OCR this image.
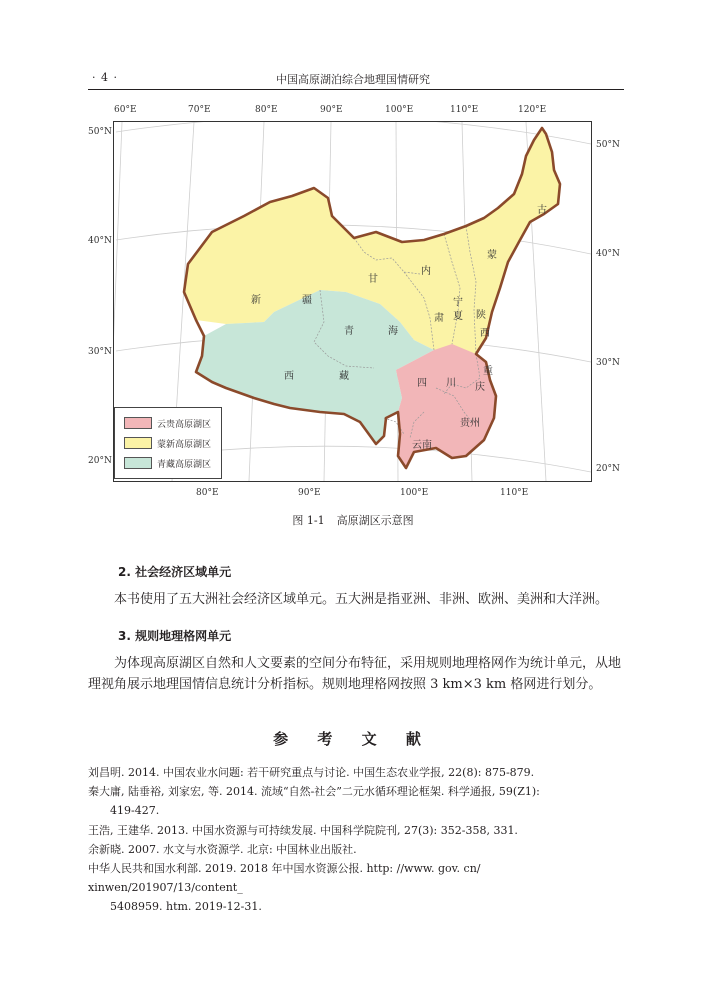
· 4 ·	中国高原湖泊综合地理国情研究
60°E	70°E	80°E	90°E	100°E	110°E	120°E
50°N
40°N
30°N
20°N
50°N
40°N
30°N
20°N
新	疆
甘
内
蒙
古
宁
夏
肃	陕
西
青	海
西	藏
四 川
重
庆
贵州
云南
云贵高原湖区
蒙新高原湖区
青藏高原湖区
80°E	90°E	100°E	110°E
图 1-1 高原湖区示意图
2. 社会经济区域单元
本书使用了五大洲社会经济区域单元。五大洲是指亚洲、非洲、欧洲、美洲和大洋洲。
3. 规则地理格网单元
为体现高原湖区自然和人文要素的空间分布特征，采用规则地理格网作为统计单元，从地理视角展示地理国情信息统计分析指标。规则地理格网按照 3 km×3 km 格网进行划分。
参 考 文 献
刘昌明. 2014. 中国农业水问题: 若干研究重点与讨论. 中国生态农业学报, 22(8): 875-879.
秦大庸, 陆垂裕, 刘家宏, 等. 2014. 流域“自然-社会”二元水循环理论框架. 科学通报, 59(Z1):
419-427.
王浩, 王建华. 2013. 中国水资源与可持续发展. 中国科学院院刊, 27(3): 352-358, 331.
余新晓. 2007. 水文与水资源学. 北京: 中国林业出版社.
中华人民共和国水利部. 2019. 2018 年中国水资源公报. http: //www. gov. cn/ xinwen/201907/13/content_
5408959. htm. 2019-12-31.
